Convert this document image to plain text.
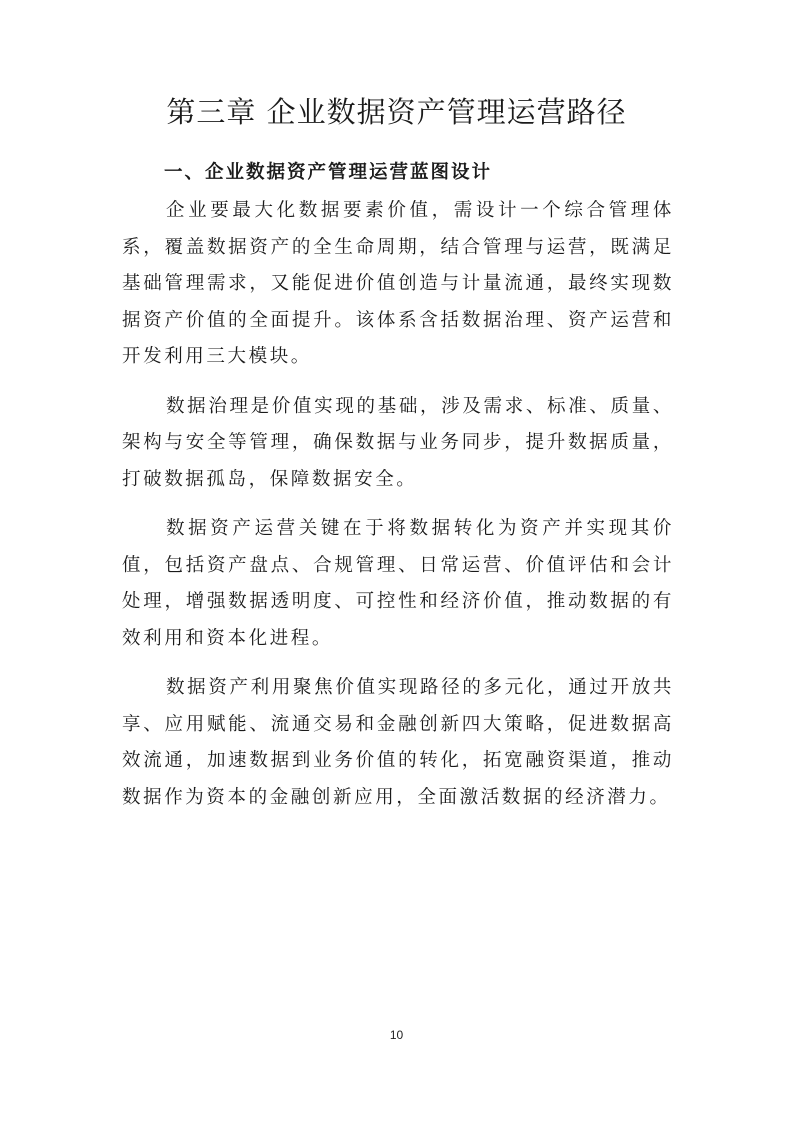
第三章 企业数据资产管理运营路径
一、企业数据资产管理运营蓝图设计

企业要最大化数据要素价值，需设计一个综合管理体系，覆盖数据资产的全生命周期，结合管理与运营，既满足基础管理需求，又能促进价值创造与计量流通，最终实现数据资产价值的全面提升。该体系含括数据治理、资产运营和开发利用三大模块。

数据治理是价值实现的基础，涉及需求、标准、质量、架构与安全等管理，确保数据与业务同步，提升数据质量，打破数据孤岛，保障数据安全。

数据资产运营关键在于将数据转化为资产并实现其价值，包括资产盘点、合规管理、日常运营、价值评估和会计处理，增强数据透明度、可控性和经济价值，推动数据的有效利用和资本化进程。

数据资产利用聚焦价值实现路径的多元化，通过开放共享、应用赋能、流通交易和金融创新四大策略，促进数据高效流通，加速数据到业务价值的转化，拓宽融资渠道，推动数据作为资本的金融创新应用，全面激活数据的经济潜力。

10
